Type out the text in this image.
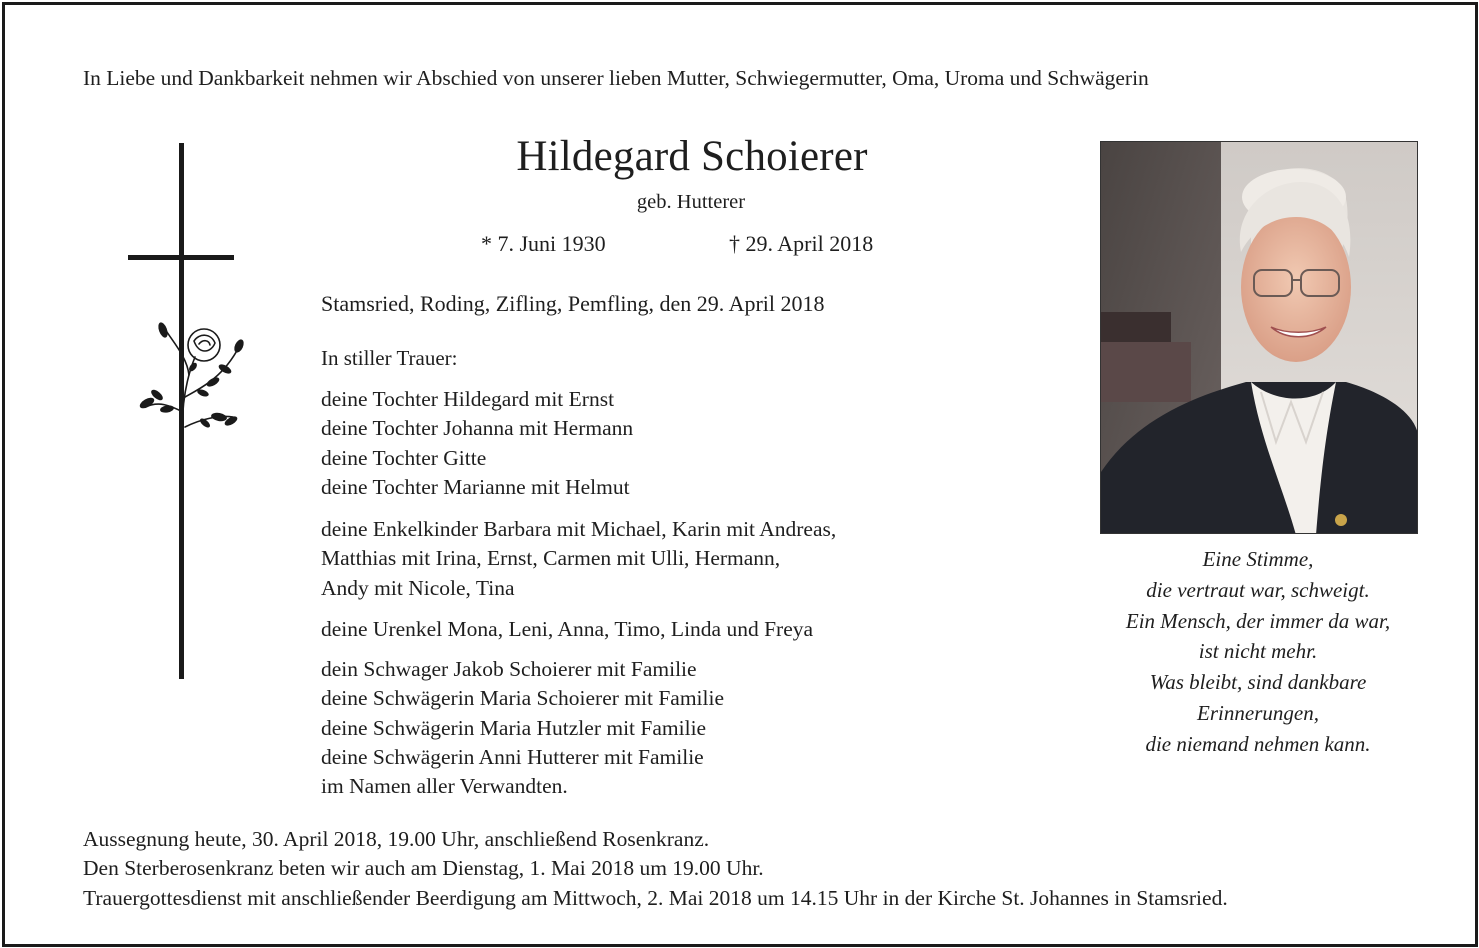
In Liebe und Dankbarkeit nehmen wir Abschied von unserer lieben Mutter, Schwiegermutter, Oma, Uroma und Schwägerin
Hildegard Schoierer
geb. Hutterer
* 7. Juni 1930	† 29. April 2018
Stamsried, Roding, Zifling, Pemfling, den 29. April 2018
In stiller Trauer:
deine Tochter Hildegard mit Ernst
deine Tochter Johanna mit Hermann
deine Tochter Gitte
deine Tochter Marianne mit Helmut
deine Enkelkinder Barbara mit Michael, Karin mit Andreas,
Matthias mit Irina, Ernst, Carmen mit Ulli, Hermann,
Andy mit Nicole, Tina
deine Urenkel Mona, Leni, Anna, Timo, Linda und Freya
dein Schwager Jakob Schoierer mit Familie
deine Schwägerin Maria Schoierer mit Familie
deine Schwägerin Maria Hutzler mit Familie
deine Schwägerin Anni Hutterer mit Familie
im Namen aller Verwandten.
Eine Stimme,
die vertraut war, schweigt.
Ein Mensch, der immer da war,
ist nicht mehr.
Was bleibt, sind dankbare
Erinnerungen,
die niemand nehmen kann.
Aussegnung heute, 30. April 2018, 19.00 Uhr, anschließend Rosenkranz.
Den Sterberosenkranz beten wir auch am Dienstag, 1. Mai 2018 um 19.00 Uhr.
Trauergottesdienst mit anschließender Beerdigung am Mittwoch, 2. Mai 2018 um 14.15 Uhr in der Kirche St. Johannes in Stamsried.
